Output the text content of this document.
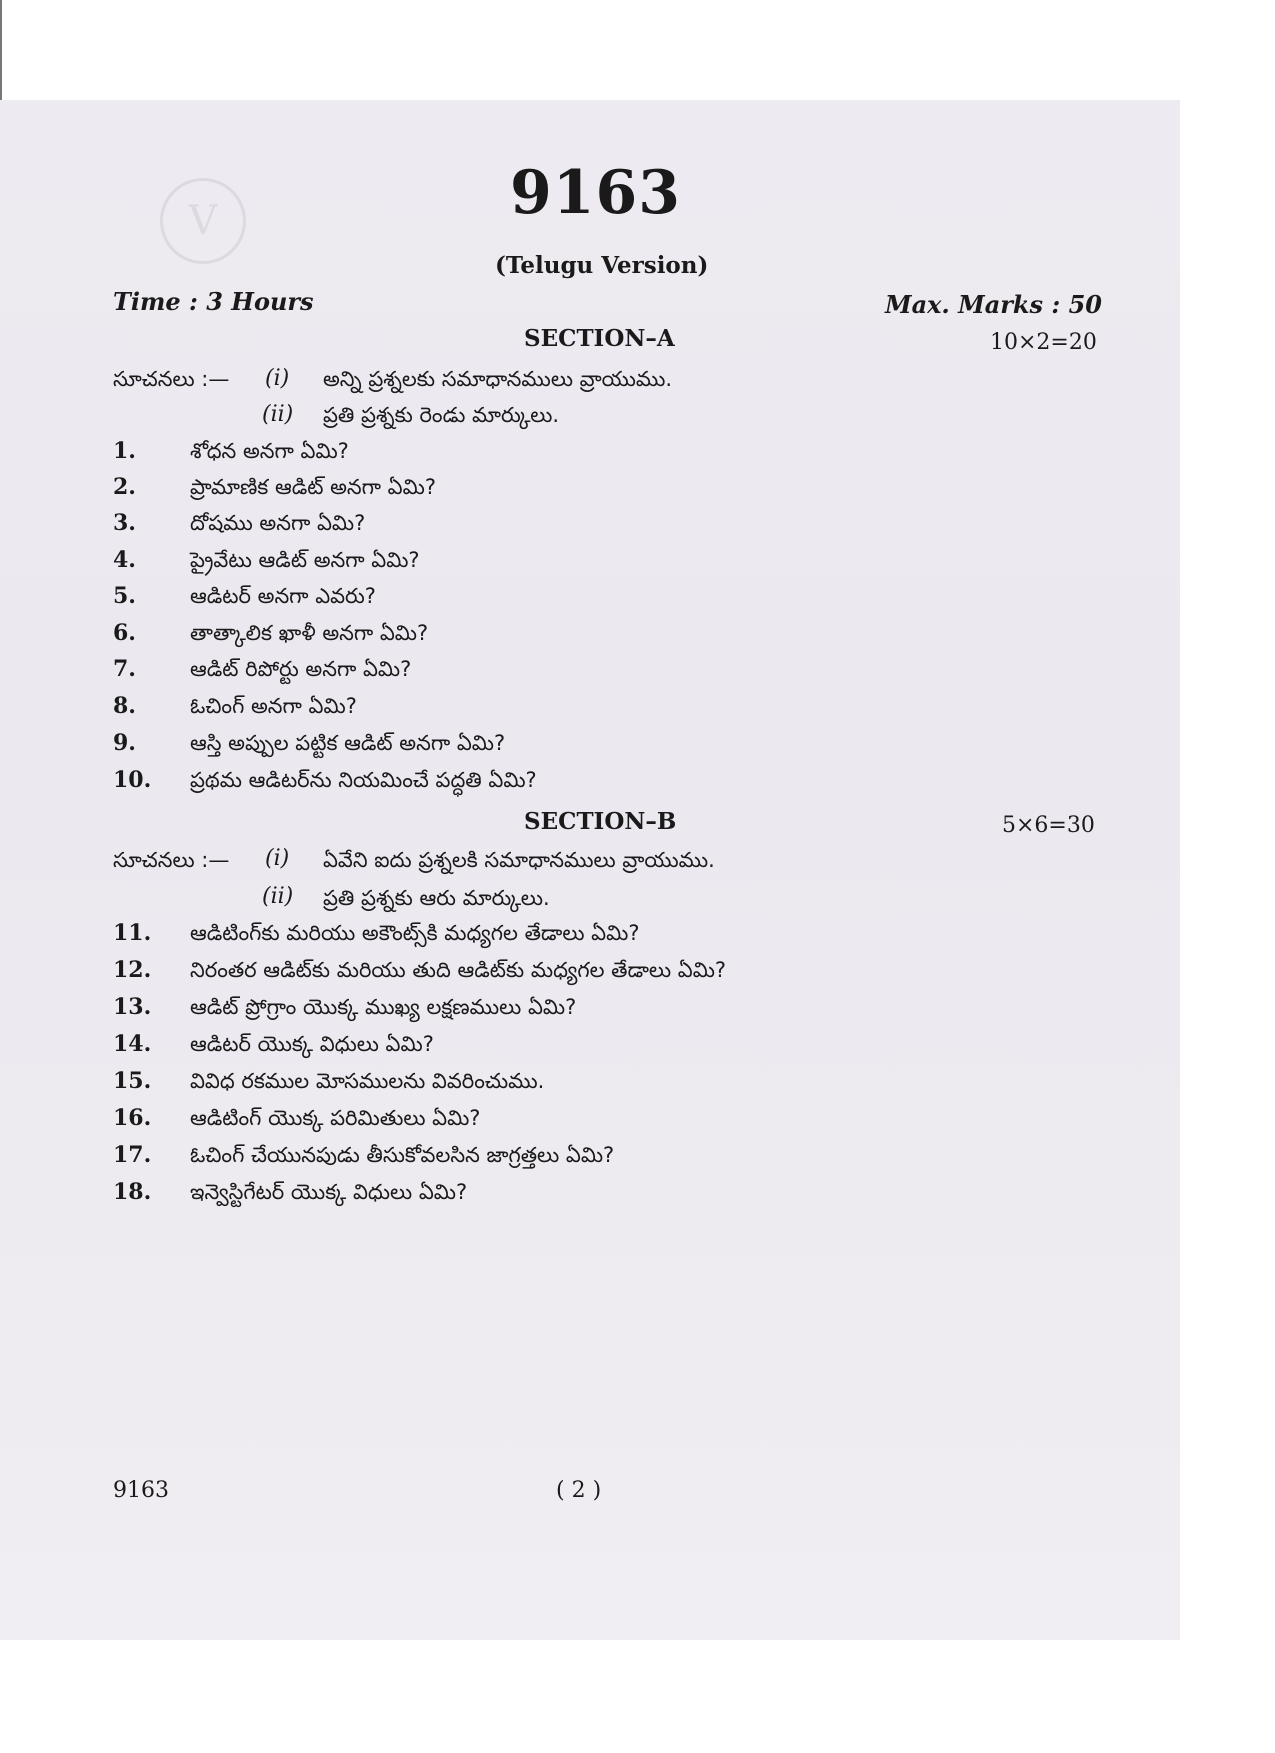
V	9163
(Telugu Version)
Time : 3 Hours	Max. Marks : 50
SECTION–A	10×2=20
సూచనలు :— (i) అన్ని ప్రశ్నలకు సమాధానములు వ్రాయుము.
(ii) ప్రతి ప్రశ్నకు రెండు మార్కులు.
1.	శోధన అనగా ఏమి?
2.	ప్రామాణిక ఆడిట్ అనగా ఏమి?
3.	దోషము అనగా ఏమి?
4.	ప్రైవేటు ఆడిట్ అనగా ఏమి?
5.	ఆడిటర్ అనగా ఎవరు?
6.	తాత్కాలిక ఖాళీ అనగా ఏమి?
7.	ఆడిట్ రిపోర్టు అనగా ఏమి?
8.	ఓచింగ్ అనగా ఏమి?
9.	ఆస్తి అప్పుల పట్టిక ఆడిట్ అనగా ఏమి?
10. ప్రథమ ఆడిటర్‌ను నియమించే పద్ధతి ఏమి?
SECTION–B	5×6=30
సూచనలు :— (i) ఏవేని ఐదు ప్రశ్నలకి సమాధానములు వ్రాయుము.
(ii) ప్రతి ప్రశ్నకు ఆరు మార్కులు.
11. ఆడిటింగ్‌కు మరియు అకౌంట్స్‌కి మధ్యగల తేడాలు ఏమి?
12. నిరంతర ఆడిట్‌కు మరియు తుది ఆడిట్‌కు మధ్యగల తేడాలు ఏమి?
13. ఆడిట్ ప్రోగ్రాం యొక్క ముఖ్య లక్షణములు ఏమి?
14. ఆడిటర్ యొక్క విధులు ఏమి?
15. వివిధ రకముల మోసములను వివరించుము.
16. ఆడిటింగ్ యొక్క పరిమితులు ఏమి?
17. ఓచింగ్ చేయునపుడు తీసుకోవలసిన జాగ్రత్తలు ఏమి?
18. ఇన్వెస్టిగేటర్ యొక్క విధులు ఏమి?
9163	( 2 )
